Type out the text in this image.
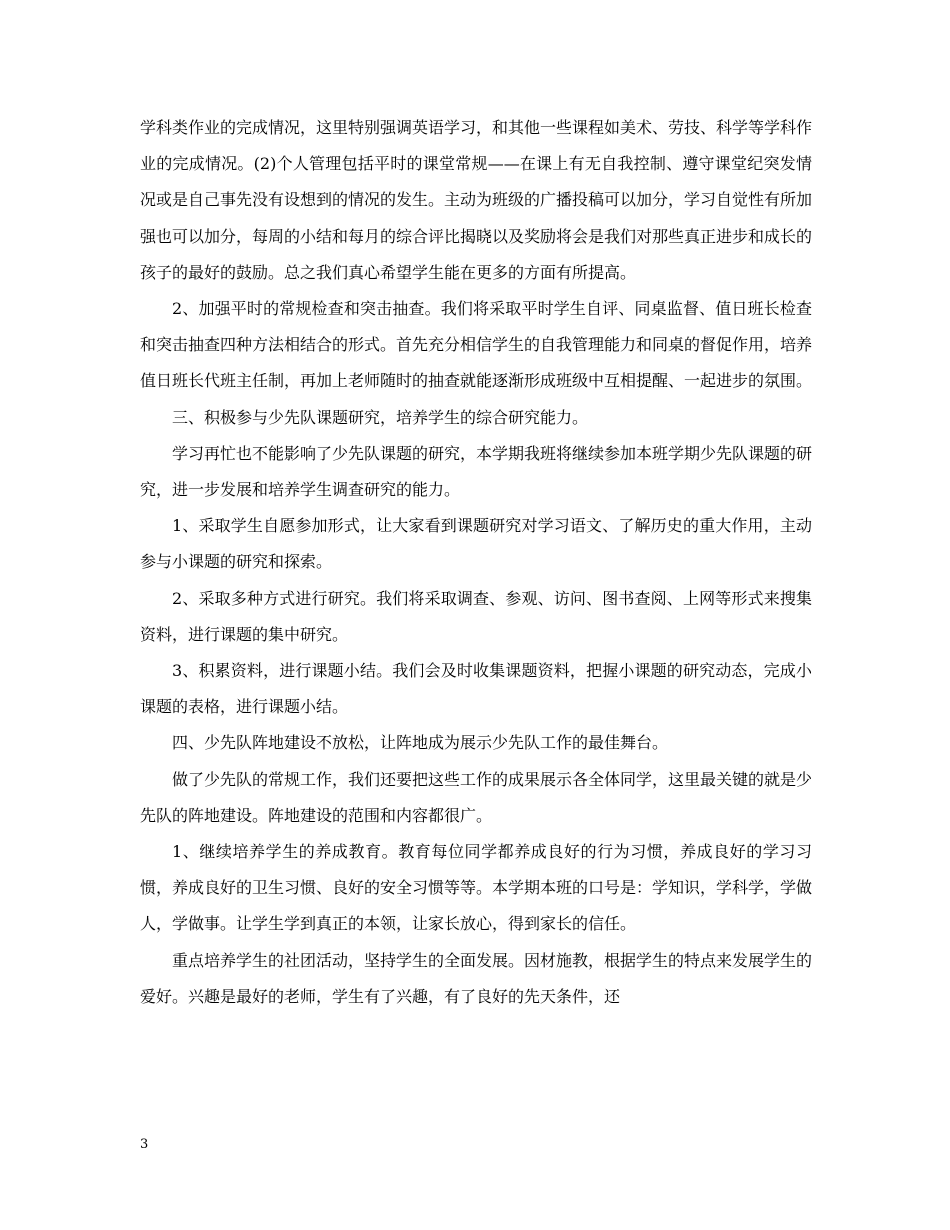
学科类作业的完成情况，这里特别强调英语学习，和其他一些课程如美术、劳技、科学等学科作业的完成情况。(2)个人管理包括平时的课堂常规——在课上有无自我控制、遵守课堂纪突发情况或是自己事先没有设想到的情况的发生。主动为班级的广播投稿可以加分，学习自觉性有所加强也可以加分，每周的小结和每月的综合评比揭晓以及奖励将会是我们对那些真正进步和成长的孩子的最好的鼓励。总之我们真心希望学生能在更多的方面有所提高。

2、加强平时的常规检查和突击抽查。我们将采取平时学生自评、同桌监督、值日班长检查和突击抽查四种方法相结合的形式。首先充分相信学生的自我管理能力和同桌的督促作用，培养值日班长代班主任制，再加上老师随时的抽查就能逐渐形成班级中互相提醒、一起进步的氛围。

三、积极参与少先队课题研究，培养学生的综合研究能力。

学习再忙也不能影响了少先队课题的研究，本学期我班将继续参加本班学期少先队课题的研究，进一步发展和培养学生调查研究的能力。

1、采取学生自愿参加形式，让大家看到课题研究对学习语文、了解历史的重大作用，主动参与小课题的研究和探索。

2、采取多种方式进行研究。我们将采取调查、参观、访问、图书查阅、上网等形式来搜集资料，进行课题的集中研究。

3、积累资料，进行课题小结。我们会及时收集课题资料，把握小课题的研究动态，完成小课题的表格，进行课题小结。

四、少先队阵地建设不放松，让阵地成为展示少先队工作的最佳舞台。

做了少先队的常规工作，我们还要把这些工作的成果展示各全体同学，这里最关键的就是少先队的阵地建设。阵地建设的范围和内容都很广。

1、继续培养学生的养成教育。教育每位同学都养成良好的行为习惯，养成良好的学习习惯，养成良好的卫生习惯、良好的安全习惯等等。本学期本班的口号是：学知识，学科学，学做人，学做事。让学生学到真正的本领，让家长放心，得到家长的信任。

重点培养学生的社团活动，坚持学生的全面发展。因材施教，根据学生的特点来发展学生的爱好。兴趣是最好的老师，学生有了兴趣，有了良好的先天条件，还

3
